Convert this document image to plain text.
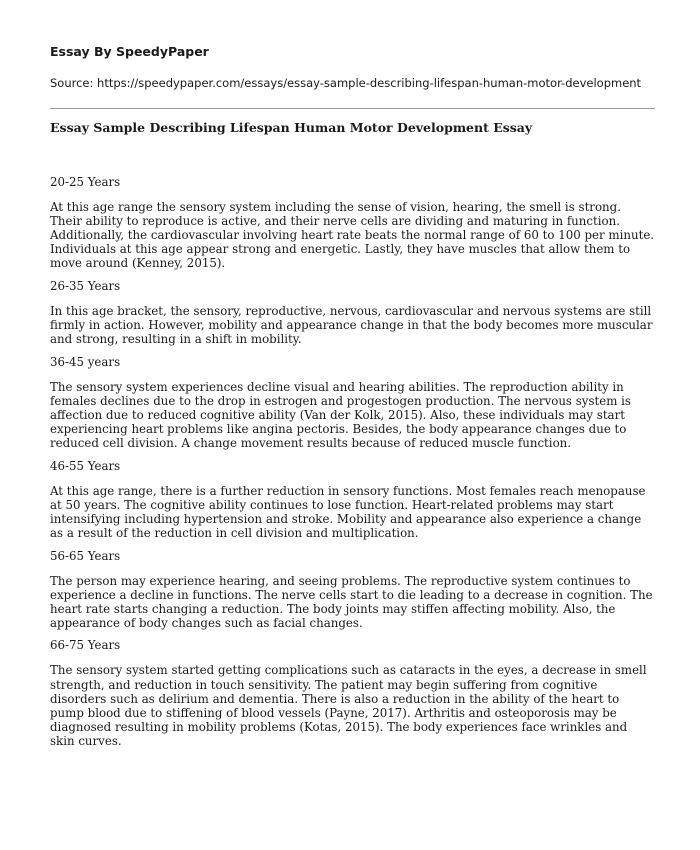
Essay By SpeedyPaper
Source: https://speedypaper.com/essays/essay-sample-describing-lifespan-human-motor-development
Essay Sample Describing Lifespan Human Motor Development Essay
20-25 Years
At this age range the sensory system including the sense of vision, hearing, the smell is strong. Their ability to reproduce is active, and their nerve cells are dividing and maturing in function. Additionally, the cardiovascular involving heart rate beats the normal range of 60 to 100 per minute. Individuals at this age appear strong and energetic. Lastly, they have muscles that allow them to move around (Kenney, 2015).
26-35 Years
In this age bracket, the sensory, reproductive, nervous, cardiovascular and nervous systems are still firmly in action. However, mobility and appearance change in that the body becomes more muscular and strong, resulting in a shift in mobility.
36-45 years
The sensory system experiences decline visual and hearing abilities. The reproduction ability in females declines due to the drop in estrogen and progestogen production. The nervous system is affection due to reduced cognitive ability (Van der Kolk, 2015). Also, these individuals may start experiencing heart problems like angina pectoris. Besides, the body appearance changes due to reduced cell division. A change movement results because of reduced muscle function.
46-55 Years
At this age range, there is a further reduction in sensory functions. Most females reach menopause at 50 years. The cognitive ability continues to lose function. Heart-related problems may start intensifying including hypertension and stroke. Mobility and appearance also experience a change as a result of the reduction in cell division and multiplication.
56-65 Years
The person may experience hearing, and seeing problems. The reproductive system continues to experience a decline in functions. The nerve cells start to die leading to a decrease in cognition. The heart rate starts changing a reduction. The body joints may stiffen affecting mobility. Also, the appearance of body changes such as facial changes.
66-75 Years
The sensory system started getting complications such as cataracts in the eyes, a decrease in smell strength, and reduction in touch sensitivity. The patient may begin suffering from cognitive disorders such as delirium and dementia. There is also a reduction in the ability of the heart to pump blood due to stiffening of blood vessels (Payne, 2017). Arthritis and osteoporosis may be diagnosed resulting in mobility problems (Kotas, 2015). The body experiences face wrinkles and skin curves.
